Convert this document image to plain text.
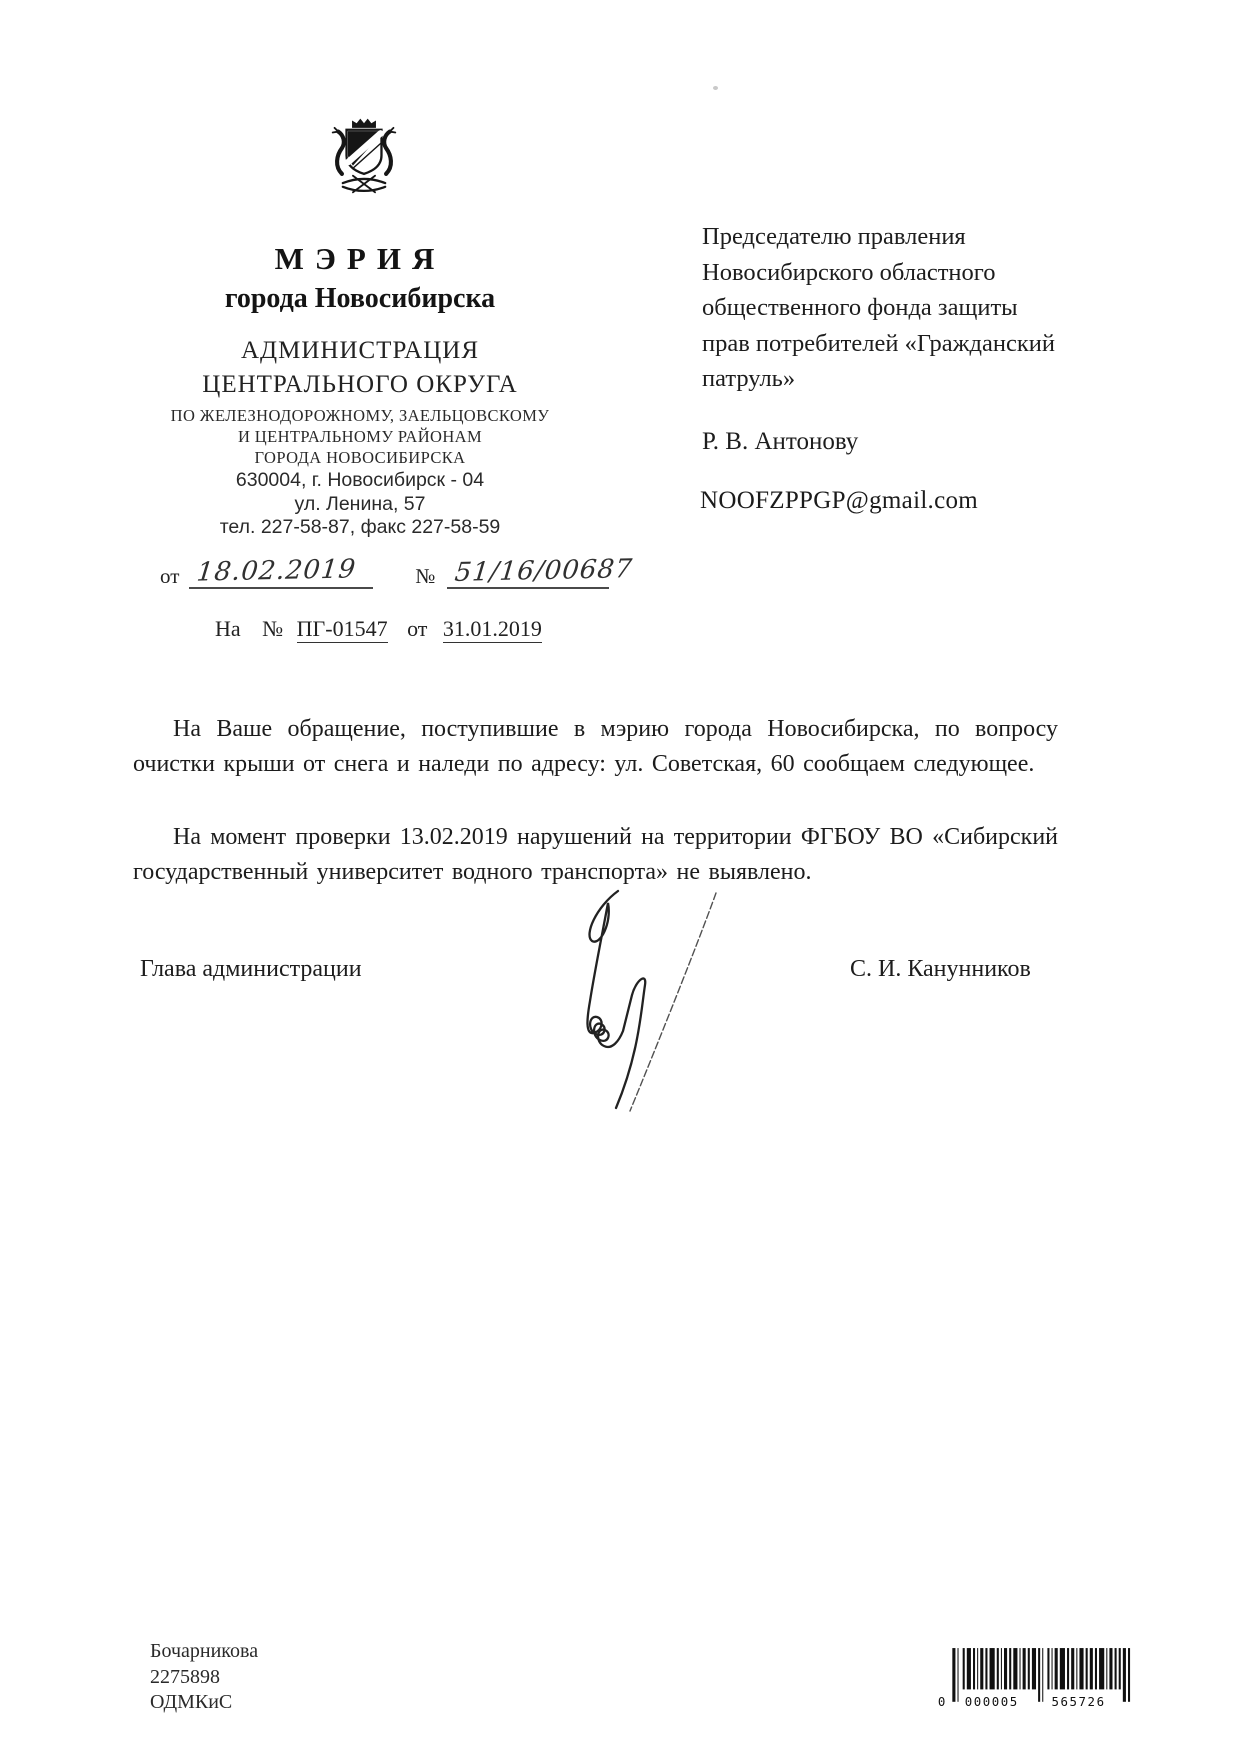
МЭРИЯ
города Новосибирска
АДМИНИСТРАЦИЯ
ЦЕНТРАЛЬНОГО ОКРУГА
ПО ЖЕЛЕЗНОДОРОЖНОМУ, ЗАЕЛЬЦОВСКОМУ
И ЦЕНТРАЛЬНОМУ РАЙОНАМ
ГОРОДА НОВОСИБИРСКА
630004, г. Новосибирск - 04
ул. Ленина, 57
тел. 227-58-87, факс 227-58-59
от 18.02.2019	№ 51/16/00687
На № ПГ-01547 от 31.01.2019
Председателю правления
Новосибирского областного
общественного фонда защиты
прав потребителей «Гражданский
патруль»
Р. В. Антонову
NOOFZPPGP@gmail.com

На Ваше обращение, поступившие в мэрию города Новосибирска, по вопросу очистки крыши от снега и наледи по адресу: ул. Советская, 60 сообщаем следующее.

На момент проверки 13.02.2019 нарушений на территории ФГБОУ ВО «Сибирский государственный университет водного транспорта» не выявлено.

Глава администрации	С. И. Канунников
Бочарникова
2275898
ОДМКиС	0 000005	565726
